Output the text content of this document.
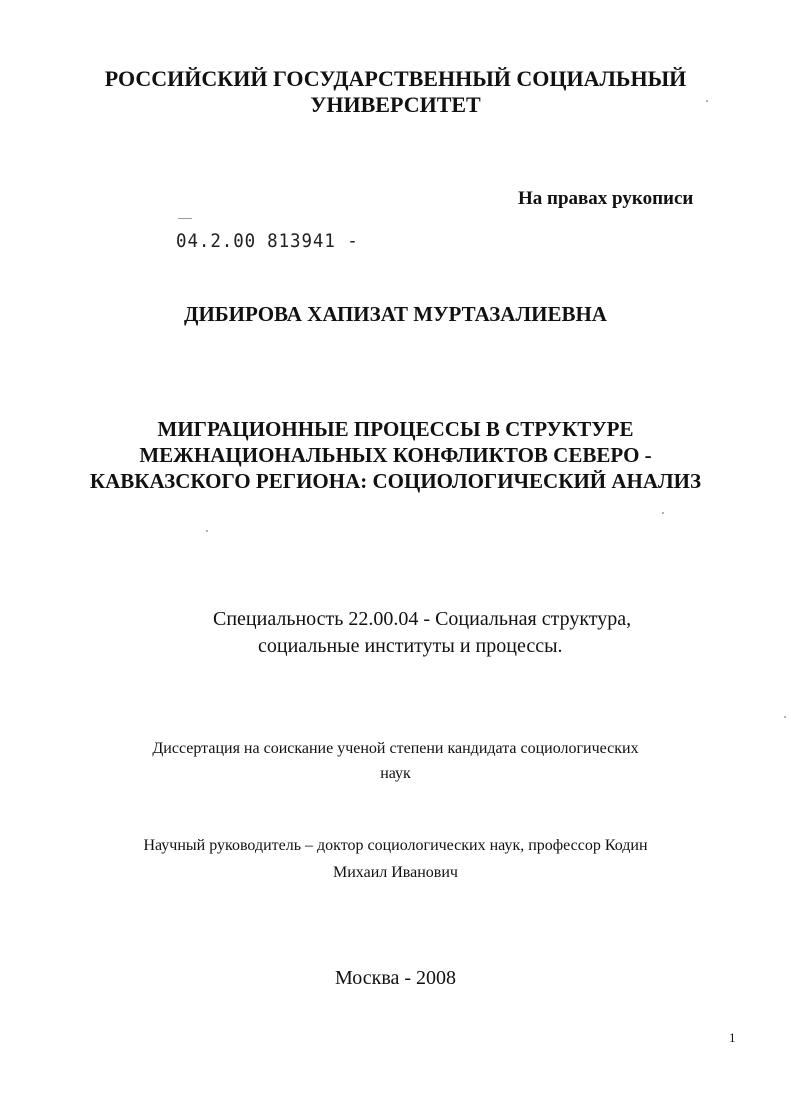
РОССИЙСКИЙ ГОСУДАРСТВЕННЫЙ СОЦИАЛЬНЫЙ
УНИВЕРСИТЕТ
На правах рукописи
04.2.00 813941 -
ДИБИРОВА ХАПИЗАТ МУРТАЗАЛИЕВНА
МИГРАЦИОННЫЕ ПРОЦЕССЫ В СТРУКТУРЕ
МЕЖНАЦИОНАЛЬНЫХ КОНФЛИКТОВ СЕВЕРО -
КАВКАЗСКОГО РЕГИОНА: СОЦИОЛОГИЧЕСКИЙ АНАЛИЗ
Специальность 22.00.04 - Социальная структура,
социальные институты и процессы.
Диссертация на соискание ученой степени кандидата социологических
наук
Научный руководитель – доктор социологических наук, профессор Кодин
Михаил Иванович
Москва - 2008
1
